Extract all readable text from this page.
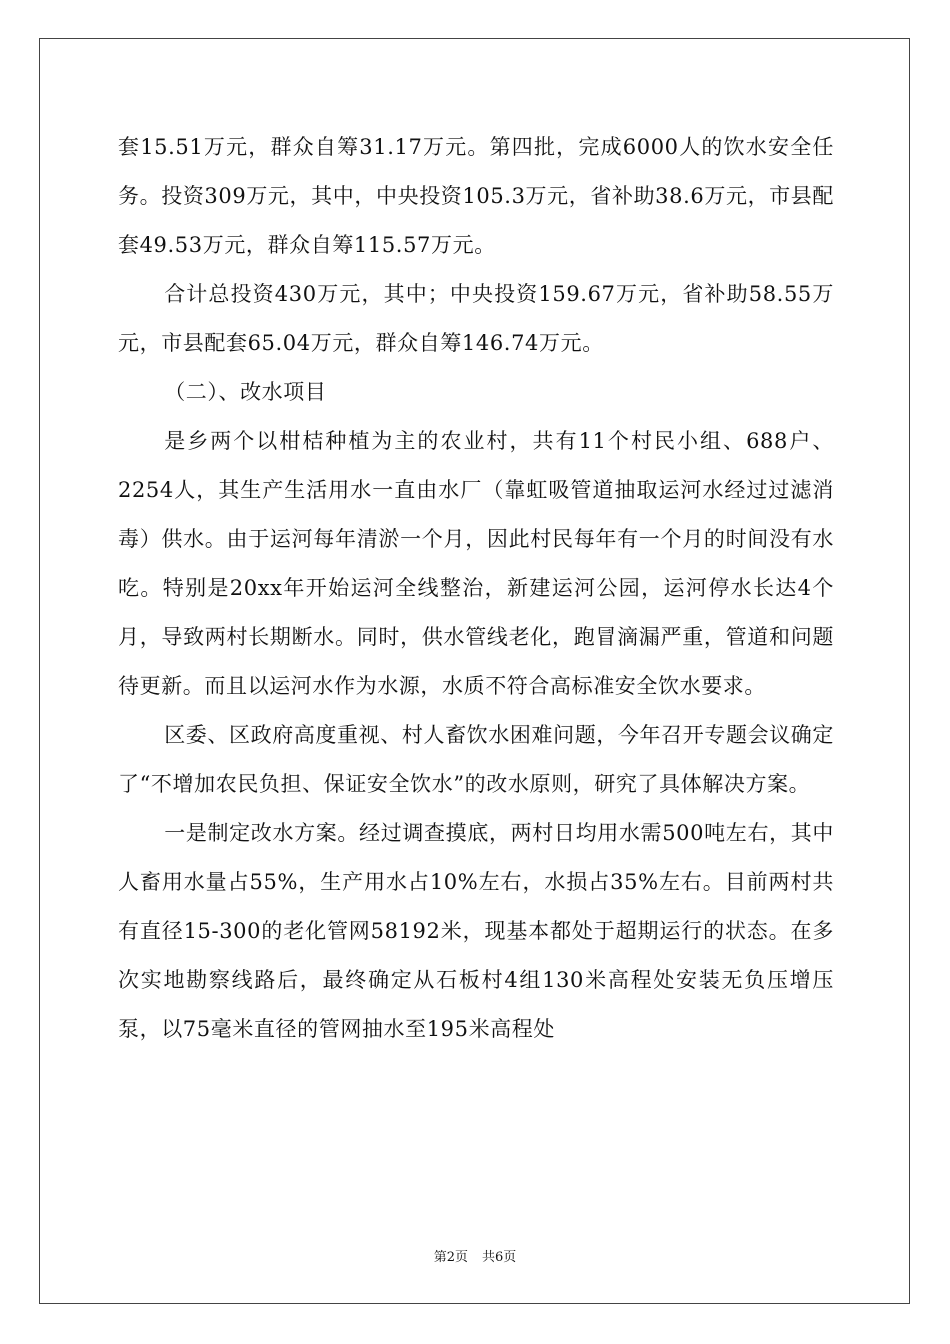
套15.51万元，群众自筹31.17万元。第四批，完成6000人的饮水安全任务。投资309万元，其中，中央投资105.3万元，省补助38.6万元，市县配套49.53万元，群众自筹115.57万元。

合计总投资430万元，其中；中央投资159.67万元，省补助58.55万元，市县配套65.04万元，群众自筹146.74万元。

（二）、改水项目

是乡两个以柑桔种植为主的农业村，共有11个村民小组、688户、2254人，其生产生活用水一直由水厂（靠虹吸管道抽取运河水经过过滤消毒）供水。由于运河每年清淤一个月，因此村民每年有一个月的时间没有水吃。特别是20xx年开始运河全线整治，新建运河公园，运河停水长达4个月，导致两村长期断水。同时，供水管线老化，跑冒滴漏严重，管道和问题待更新。而且以运河水作为水源，水质不符合高标准安全饮水要求。

区委、区政府高度重视、村人畜饮水困难问题，今年召开专题会议确定了“不增加农民负担、保证安全饮水”的改水原则，研究了具体解决方案。

一是制定改水方案。经过调查摸底，两村日均用水需500吨左右，其中人畜用水量占55%，生产用水占10%左右，水损占35%左右。目前两村共有直径15-300的老化管网58192米，现基本都处于超期运行的状态。在多次实地勘察线路后，最终确定从石板村4组130米高程处安装无负压增压泵，以75毫米直径的管网抽水至195米高程处

第2页 共6页
